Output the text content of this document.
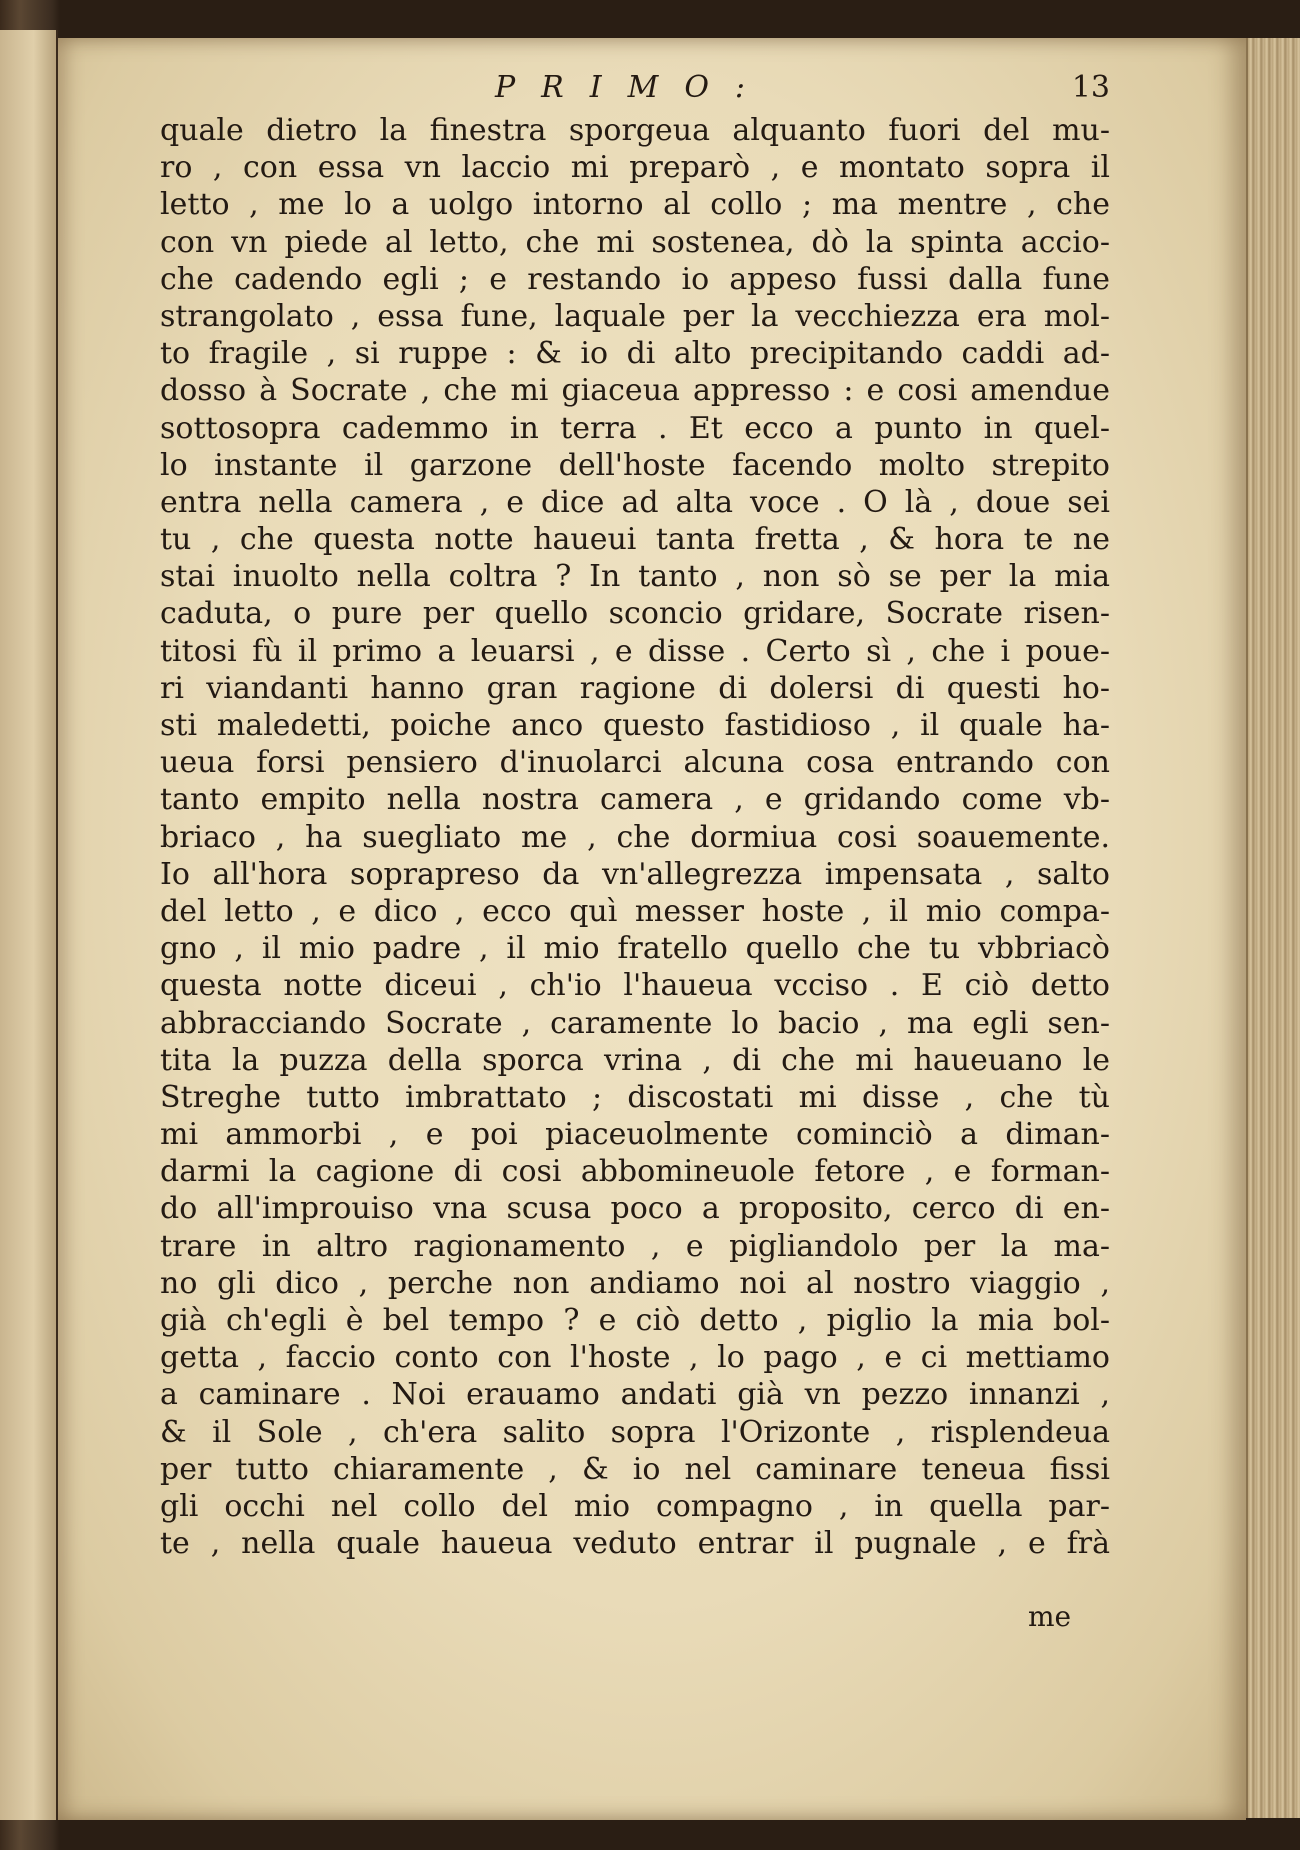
PRIMO:	13
quale dietro la finestra sporgeua alquanto fuori del mu-
ro , con essa vn laccio mi preparò , e montato sopra il
letto , me lo a uolgo intorno al collo ; ma mentre , che
con vn piede al letto, che mi sostenea, dò la spinta accio-
che cadendo egli ; e restando io appeso fussi dalla fune
strangolato , essa fune, laquale per la vecchiezza era mol-
to fragile , si ruppe : & io di alto precipitando caddi ad-
dosso à Socrate , che mi giaceua appresso : e cosi amendue
sottosopra cademmo in terra . Et ecco a punto in quel-
lo instante il garzone dell'hoste facendo molto strepito
entra nella camera , e dice ad alta voce . O là , doue sei
tu , che questa notte haueui tanta fretta , & hora te ne
stai inuolto nella coltra ? In tanto , non sò se per la mia
caduta, o pure per quello sconcio gridare, Socrate risen-
titosi fù il primo a leuarsi , e disse . Certo sì , che i poue-
ri viandanti hanno gran ragione di dolersi di questi ho-
sti maledetti, poiche anco questo fastidioso , il quale ha-
ueua forsi pensiero d'inuolarci alcuna cosa entrando con
tanto empito nella nostra camera , e gridando come vb-
briaco , ha suegliato me , che dormiua cosi soauemente.
Io all'hora soprapreso da vn'allegrezza impensata , salto
del letto , e dico , ecco quì messer hoste , il mio compa-
gno , il mio padre , il mio fratello quello che tu vbbriacò
questa notte diceui , ch'io l'haueua vcciso . E ciò detto
abbracciando Socrate , caramente lo bacio , ma egli sen-
tita la puzza della sporca vrina , di che mi haueuano le
Streghe tutto imbrattato ; discostati mi disse , che tù
mi ammorbi , e poi piaceuolmente cominciò a diman-
darmi la cagione di cosi abbomineuole fetore , e forman-
do all'improuiso vna scusa poco a proposito, cerco di en-
trare in altro ragionamento , e pigliandolo per la ma-
no gli dico , perche non andiamo noi al nostro viaggio ,
già ch'egli è bel tempo ? e ciò detto , piglio la mia bol-
getta , faccio conto con l'hoste , lo pago , e ci mettiamo
a caminare . Noi erauamo andati già vn pezzo innanzi ,
& il Sole , ch'era salito sopra l'Orizonte , risplendeua
per tutto chiaramente , & io nel caminare teneua fissi
gli occhi nel collo del mio compagno , in quella par-
te , nella quale haueua veduto entrar il pugnale , e frà
me
